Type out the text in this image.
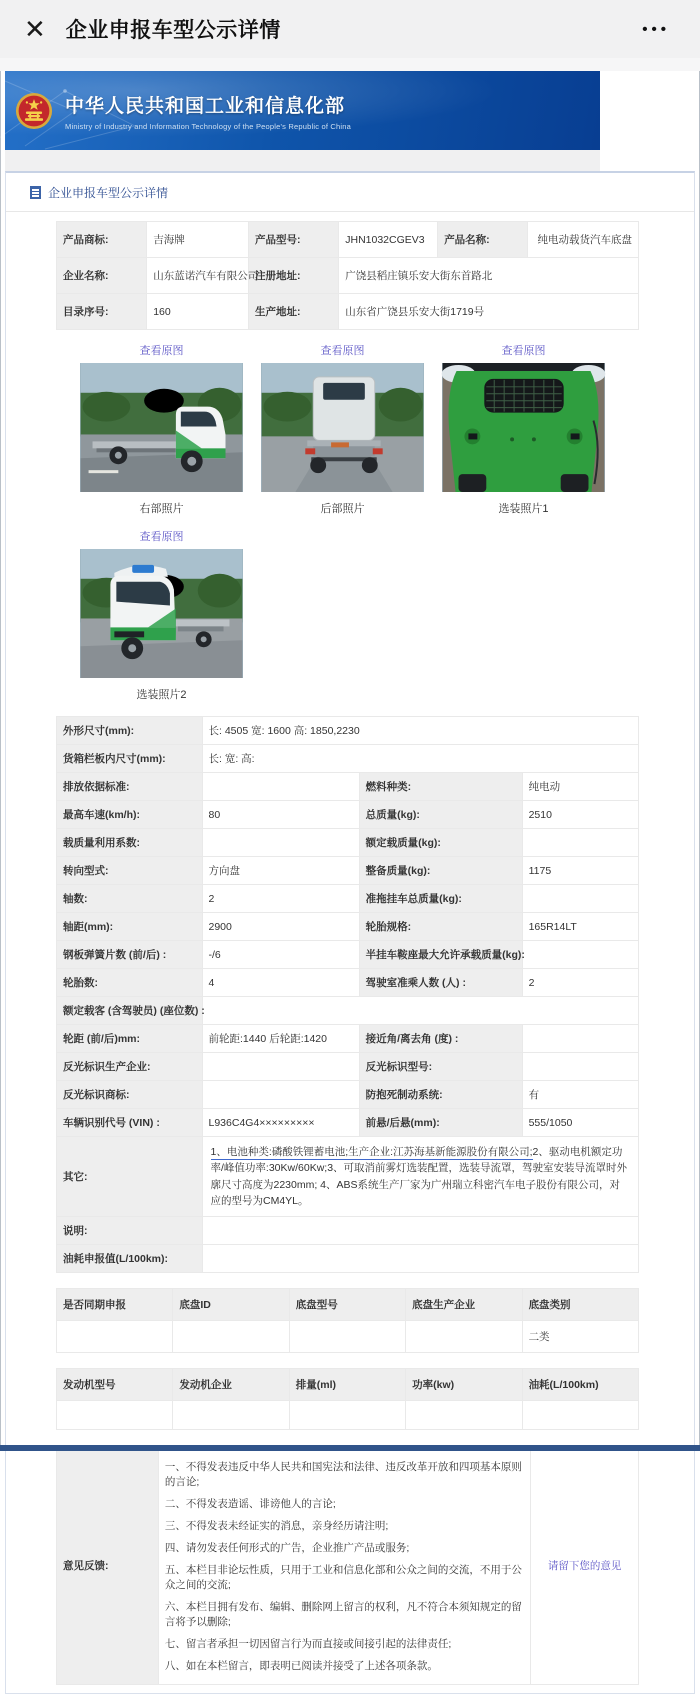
✕ 企业申报车型公示详情	•••
中华人民共和国工业和信息化部
Ministry of Industry and Information Technology of the People's Republic of China
企业申报车型公示详情
产品商标:	吉海牌	产品型号:	JHN1032CGEV3	产品名称:	纯电动载货汽车底盘
企业名称:	山东蓝诺汽车有限公司	注册地址:	广饶县稻庄镇乐安大街东首路北		
目录序号:	160	生产地址:	山东省广饶县乐安大街1719号		
查看原图
右部照片
查看原图
后部照片
查看原图
选装照片1
查看原图
选装照片2
外形尺寸(mm):	长: 4505 宽: 1600 高: 1850,2230		
货箱栏板内尺寸(mm):	长: 宽: 高:		
排放依据标准:		燃料种类:	纯电动
最高车速(km/h):	80	总质量(kg):	2510
载质量利用系数:		额定载质量(kg):	
转向型式:	方向盘	整备质量(kg):	1175
轴数:	2	准拖挂车总质量(kg):	
轴距(mm):	2900	轮胎规格:	165R14LT
钢板弹簧片数 (前/后) :	-/6	半挂车鞍座最大允许承载质量(kg):	
轮胎数:	4	驾驶室准乘人数 (人) :	2
额定载客 (含驾驶员) (座位数) :			
轮距 (前/后)mm:	前轮距:1440 后轮距:1420	接近角/离去角 (度) :	
反光标识生产企业:		反光标识型号:	
反光标识商标:		防抱死制动系统:	有
车辆识别代号 (VIN) :	L936C4G4×××××××××	前悬/后悬(mm):	555/1050
其它:	1、电池种类:磷酸铁锂蓄电池;生产企业:江苏海基新能源股份有限公司;2、驱动电机额定功率/峰值功率:30Kw/60Kw;3、可取消前雾灯选装配置，选装导流罩，驾驶室安装导流罩时外廓尺寸高度为2230mm; 4、ABS系统生产厂家为广州瑞立科密汽车电子股份有限公司，对应的型号为CM4YL。		
说明:			
油耗申报值(L/100km):			
是否同期申报	底盘ID	底盘型号	底盘生产企业	底盘类别
				二类
发动机型号	发动机企业	排量(ml)	功率(kw)	油耗(L/100km)

意见反馈:	
一、不得发表违反中华人民共和国宪法和法律、违反改革开放和四项基本原则的言论;
二、不得发表造谣、诽谤他人的言论;
三、不得发表未经证实的消息，亲身经历请注明;
四、请勿发表任何形式的广告，企业推广产品或服务;
五、本栏目非论坛性质，只用于工业和信息化部和公众之间的交流，不用于公众之间的交流;
六、本栏目拥有发布、编辑、删除网上留言的权利，凡不符合本须知规定的留言将予以删除;
七、留言者承担一切因留言行为而直接或间接引起的法律责任;
八、如在本栏留言，即表明已阅读并接受了上述各项条款。
	请留下您的意见
